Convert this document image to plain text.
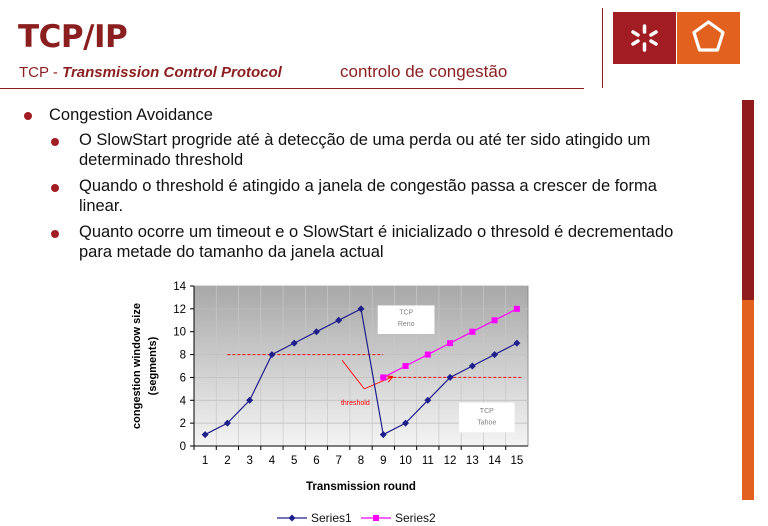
TCP/IP
TCP - Transmission Control Protocol	controlo de congestão
Congestion Avoidance
O SlowStart progride até à detecção de uma perda ou até ter sido atingido um
determinado threshold
Quando o threshold é atingido a janela de congestão passa a crescer de forma
linear.
Quanto ocorre um timeout e o SlowStart é inicializado o thresold é decrementado
para metade do tamanho da janela actual
TCP
Reno
TCP
Tahoe
threshold
0
2
4
6
8
10
12
14
1 2 3 4 5 6 7 8 9 10 11 12 13 14 15
Transmission round
congestion window size (segments)
Series1	Series2
